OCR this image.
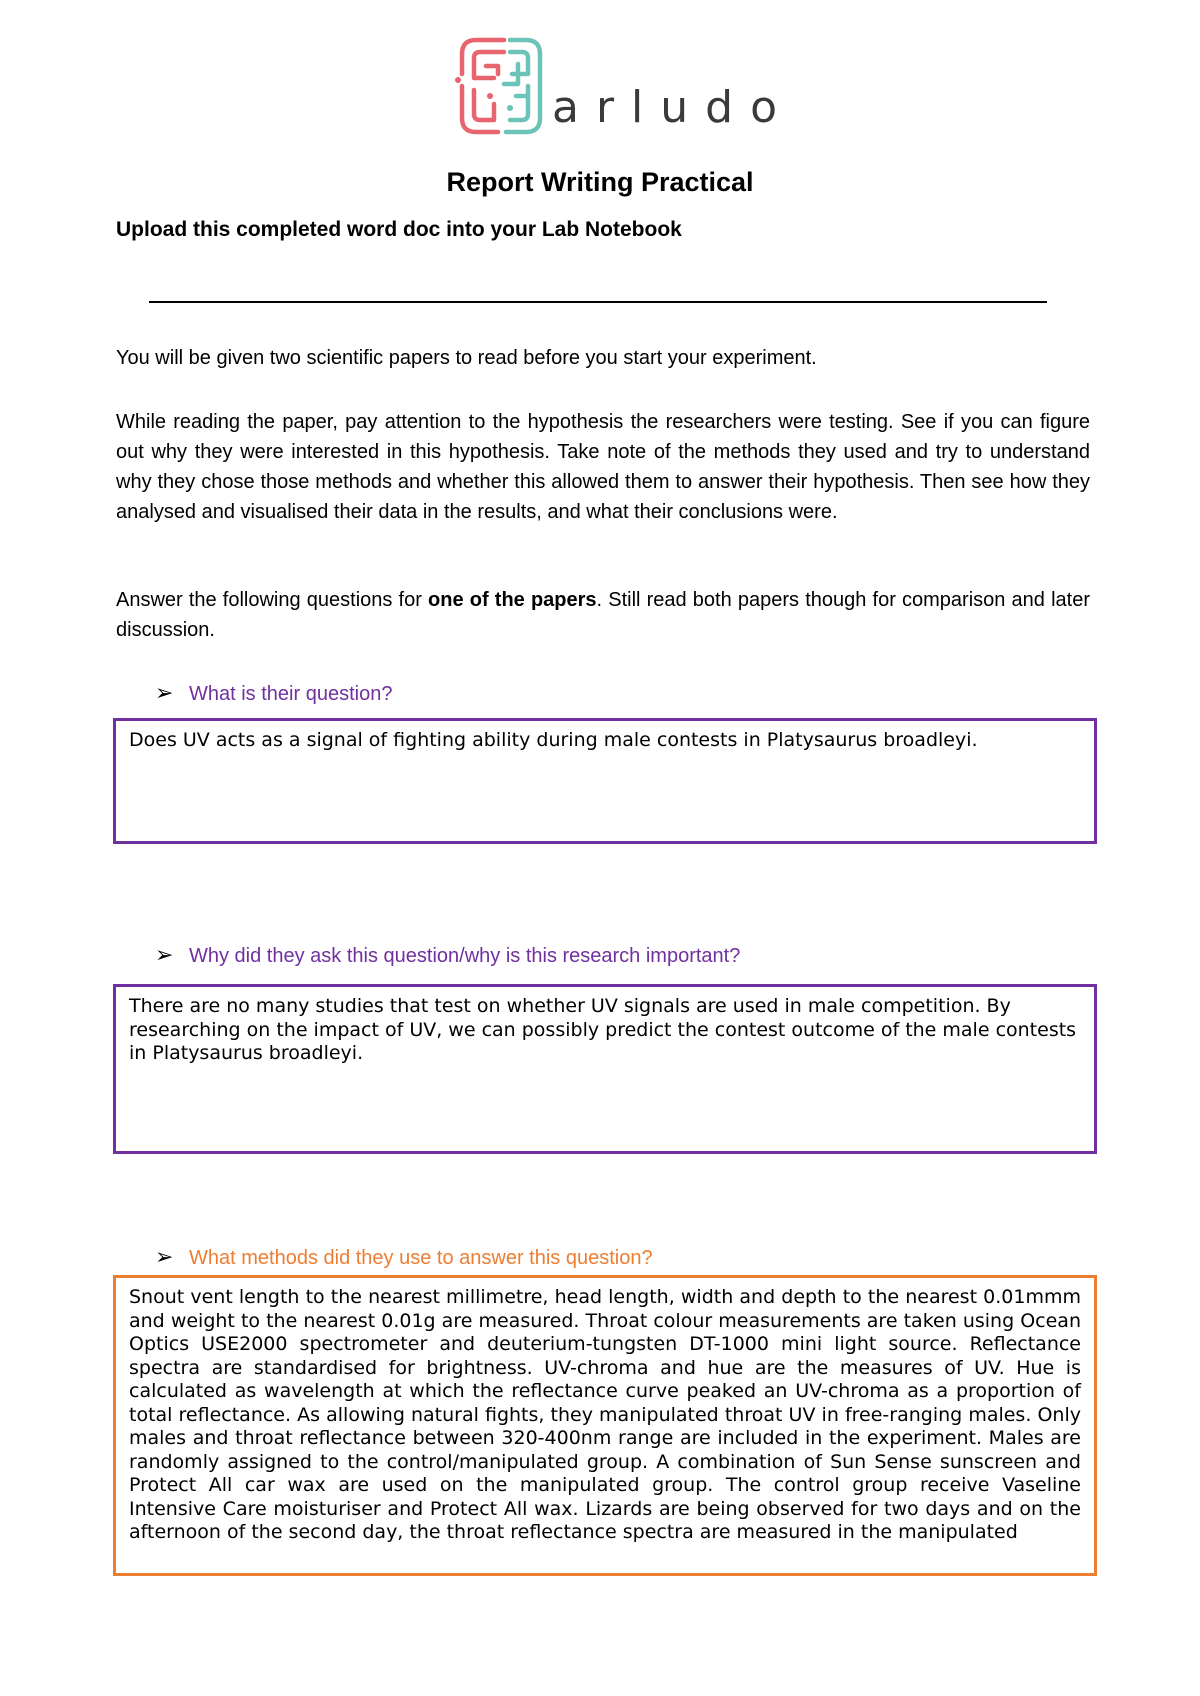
arludo
Report Writing Practical
Upload this completed word doc into your Lab Notebook
You will be given two scientific papers to read before you start your experiment.
While reading the paper, pay attention to the hypothesis the researchers were testing. See if you can figure out why they were interested in this hypothesis. Take note of the methods they used and try to understand why they chose those methods and whether this allowed them to answer their hypothesis. Then see how they analysed and visualised their data in the results, and what their conclusions were.
Answer the following questions for one of the papers. Still read both papers though for comparison and later discussion.
➢ What is their question?
Does UV acts as a signal of fighting ability during male contests in Platysaurus broadleyi.
➢ Why did they ask this question/why is this research important?
There are no many studies that test on whether UV signals are used in male competition. By researching on the impact of UV, we can possibly predict the contest outcome of the male contests in Platysaurus broadleyi.
➢ What methods did they use to answer this question?
Snout vent length to the nearest millimetre, head length, width and depth to the nearest 0.01mmm and weight to the nearest 0.01g are measured. Throat colour measurements are taken using Ocean Optics USE2000 spectrometer and deuterium-tungsten DT-1000 mini light source. Reflectance spectra are standardised for brightness. UV-chroma and hue are the measures of UV. Hue is calculated as wavelength at which the reflectance curve peaked an UV-chroma as a proportion of total reflectance. As allowing natural fights, they manipulated throat UV in free-ranging males. Only males and throat reflectance between 320-400nm range are included in the experiment. Males are randomly assigned to the control/manipulated group. A combination of Sun Sense sunscreen and Protect All car wax are used on the manipulated group. The control group receive Vaseline Intensive Care moisturiser and Protect All wax. Lizards are being observed for two days and on the afternoon of the second day, the throat reflectance spectra are measured in the manipulated
